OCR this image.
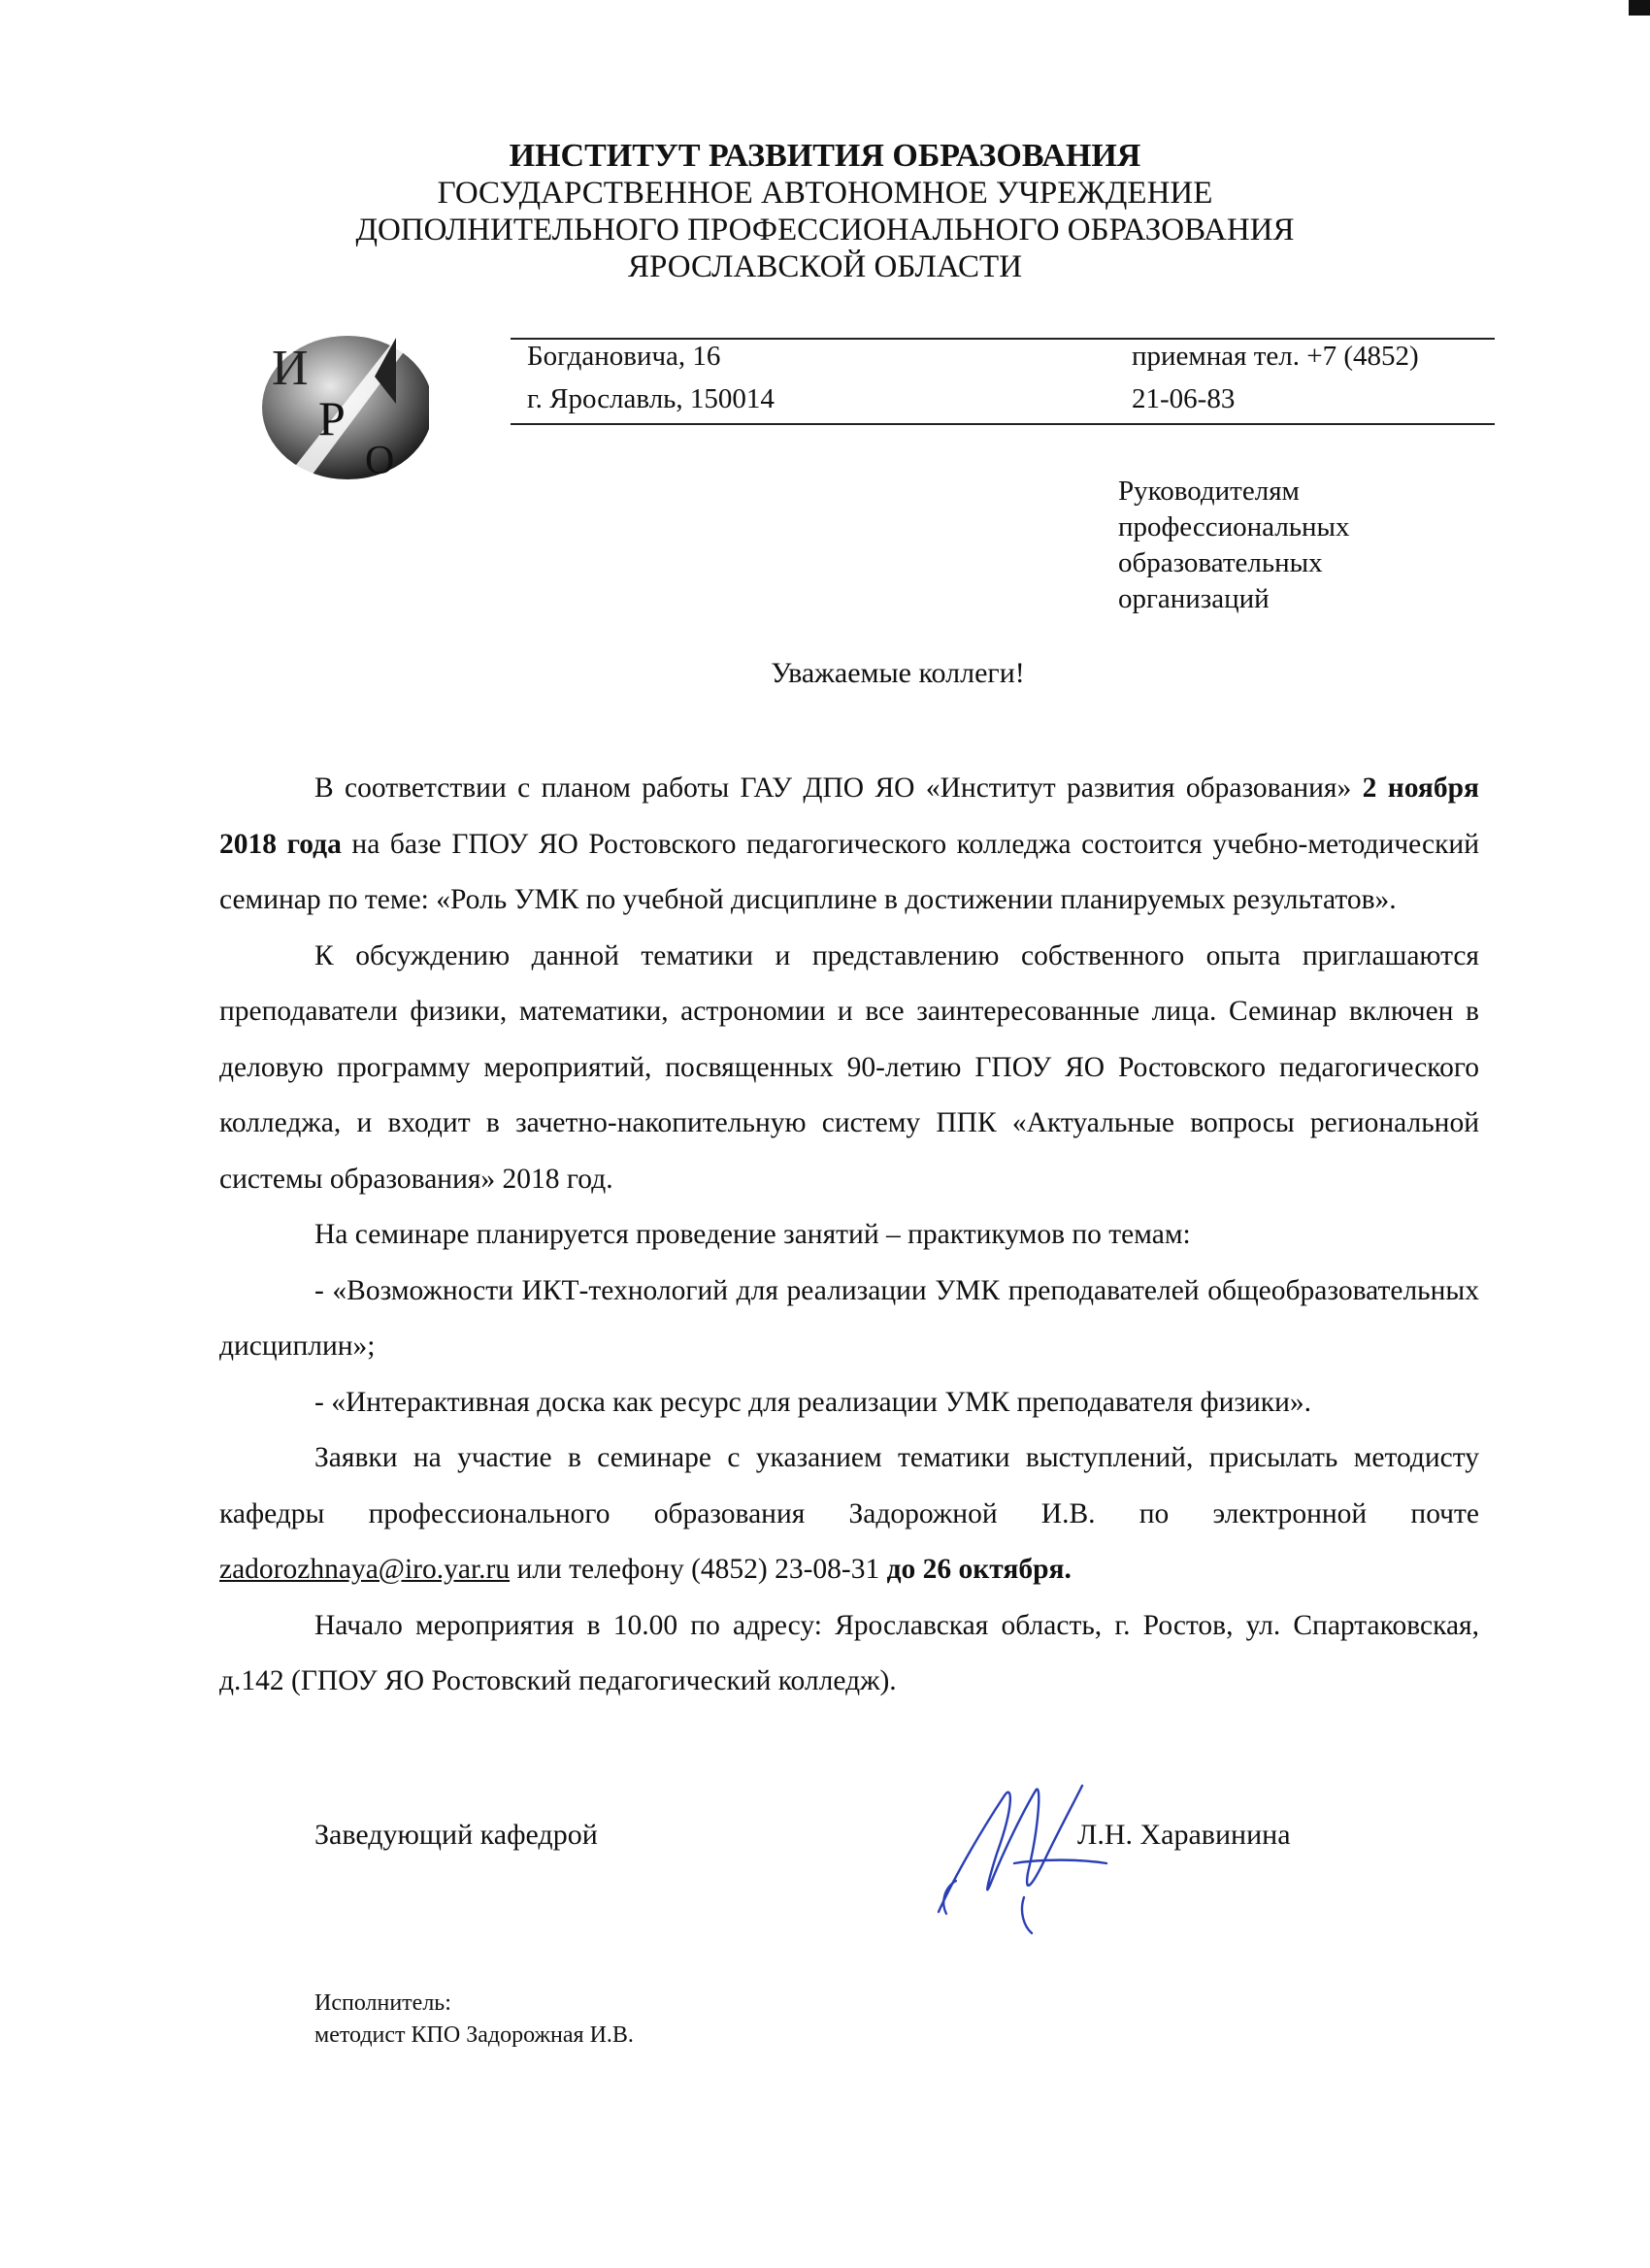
ИНСТИТУТ РАЗВИТИЯ ОБРАЗОВАНИЯ
ГОСУДАРСТВЕННОЕ АВТОНОМНОЕ УЧРЕЖДЕНИЕ
ДОПОЛНИТЕЛЬНОГО ПРОФЕССИОНАЛЬНОГО ОБРАЗОВАНИЯ
ЯРОСЛАВСКОЙ ОБЛАСТИ
И
Р
О
Богдановича, 16
г. Ярославль, 150014
приемная тел. +7 (4852)
21-06-83
Руководителям
профессиональных
образовательных
организаций
Уважаемые коллеги!

В соответствии с планом работы ГАУ ДПО ЯО «Институт развития образования» 2 ноября 2018 года на базе ГПОУ ЯО Ростовского педагогического колледжа состоится учебно-методический семинар по теме: «Роль УМК по учебной дисциплине в достижении планируемых результатов».

К обсуждению данной тематики и представлению собственного опыта приглашаются преподаватели физики, математики, астрономии и все заинтересованные лица. Семинар включен в деловую программу мероприятий, посвященных 90-летию ГПОУ ЯО Ростовского педагогического колледжа, и входит в зачетно-накопительную систему ППК «Актуальные вопросы региональной системы образования» 2018 год.

На семинаре планируется проведение занятий – практикумов по темам:

- «Возможности ИКТ-технологий для реализации УМК преподавателей общеобразовательных дисциплин»;

- «Интерактивная доска как ресурс для реализации УМК преподавателя физики».

Заявки на участие в семинаре с указанием тематики выступлений, присылать методисту кафедры профессионального образования Задорожной И.В. по электронной почте zadorozhnaya@iro.yar.ru или телефону (4852) 23-08-31 до 26 октября.

Начало мероприятия в 10.00 по адресу: Ярославская область, г. Ростов, ул. Спартаковская, д.142 (ГПОУ ЯО Ростовский педагогический колледж).

Заведующий кафедрой	Л.Н. Харавинина
Исполнитель:
методист КПО Задорожная И.В.
